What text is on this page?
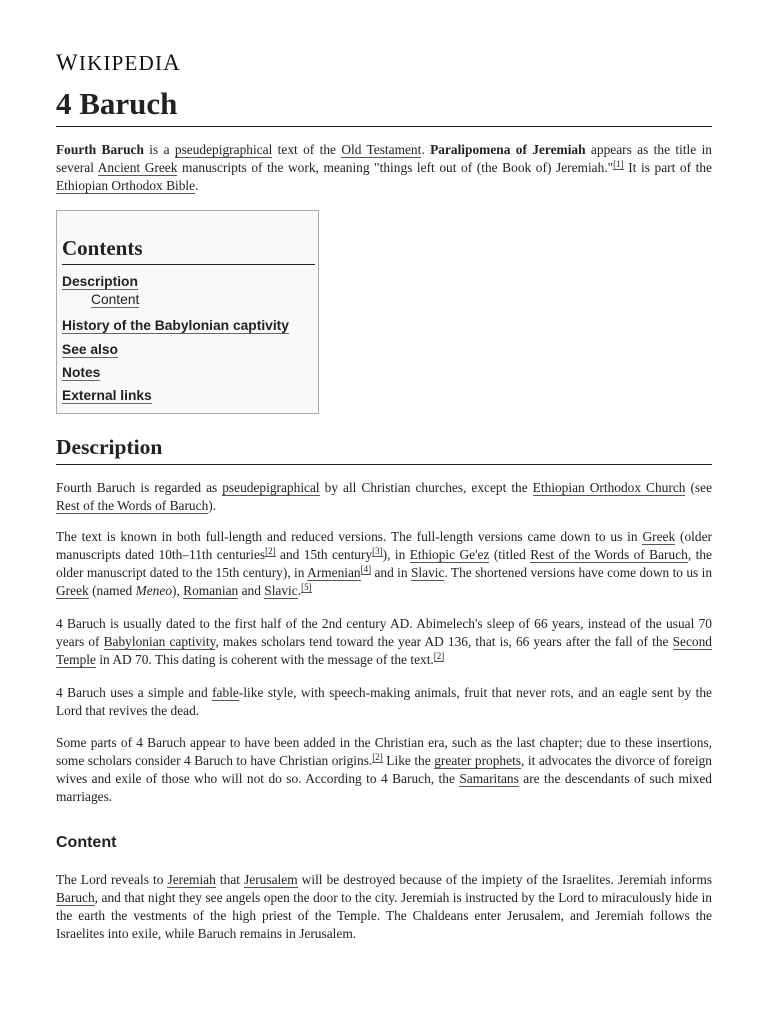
WIKIPEDIA
4 Baruch

Fourth Baruch is a pseudepigraphical text of the Old Testament. Paralipomena of Jeremiah appears as the title in several Ancient Greek manuscripts of the work, meaning "things left out of (the Book of) Jeremiah."[1] It is part of the Ethiopian Orthodox Bible.

Contents
Description
Content
History of the Babylonian captivity
See also
Notes
External links
Description

Fourth Baruch is regarded as pseudepigraphical by all Christian churches, except the Ethiopian Orthodox Church (see Rest of the Words of Baruch).

The text is known in both full-length and reduced versions. The full-length versions came down to us in Greek (older manuscripts dated 10th–11th centuries[2] and 15th century[3]), in Ethiopic Ge'ez (titled Rest of the Words of Baruch, the older manuscript dated to the 15th century), in Armenian[4] and in Slavic. The shortened versions have come down to us in Greek (named Meneo), Romanian and Slavic.[5]

4 Baruch is usually dated to the first half of the 2nd century AD. Abimelech's sleep of 66 years, instead of the usual 70 years of Babylonian captivity, makes scholars tend toward the year AD 136, that is, 66 years after the fall of the Second Temple in AD 70. This dating is coherent with the message of the text.[2]

4 Baruch uses a simple and fable-like style, with speech-making animals, fruit that never rots, and an eagle sent by the Lord that revives the dead.

Some parts of 4 Baruch appear to have been added in the Christian era, such as the last chapter; due to these insertions, some scholars consider 4 Baruch to have Christian origins.[2] Like the greater prophets, it advocates the divorce of foreign wives and exile of those who will not do so. According to 4 Baruch, the Samaritans are the descendants of such mixed marriages.

Content

The Lord reveals to Jeremiah that Jerusalem will be destroyed because of the impiety of the Israelites. Jeremiah informs Baruch, and that night they see angels open the door to the city. Jeremiah is instructed by the Lord to miraculously hide in the earth the vestments of the high priest of the Temple. The Chaldeans enter Jerusalem, and Jeremiah follows the Israelites into exile, while Baruch remains in Jerusalem.
